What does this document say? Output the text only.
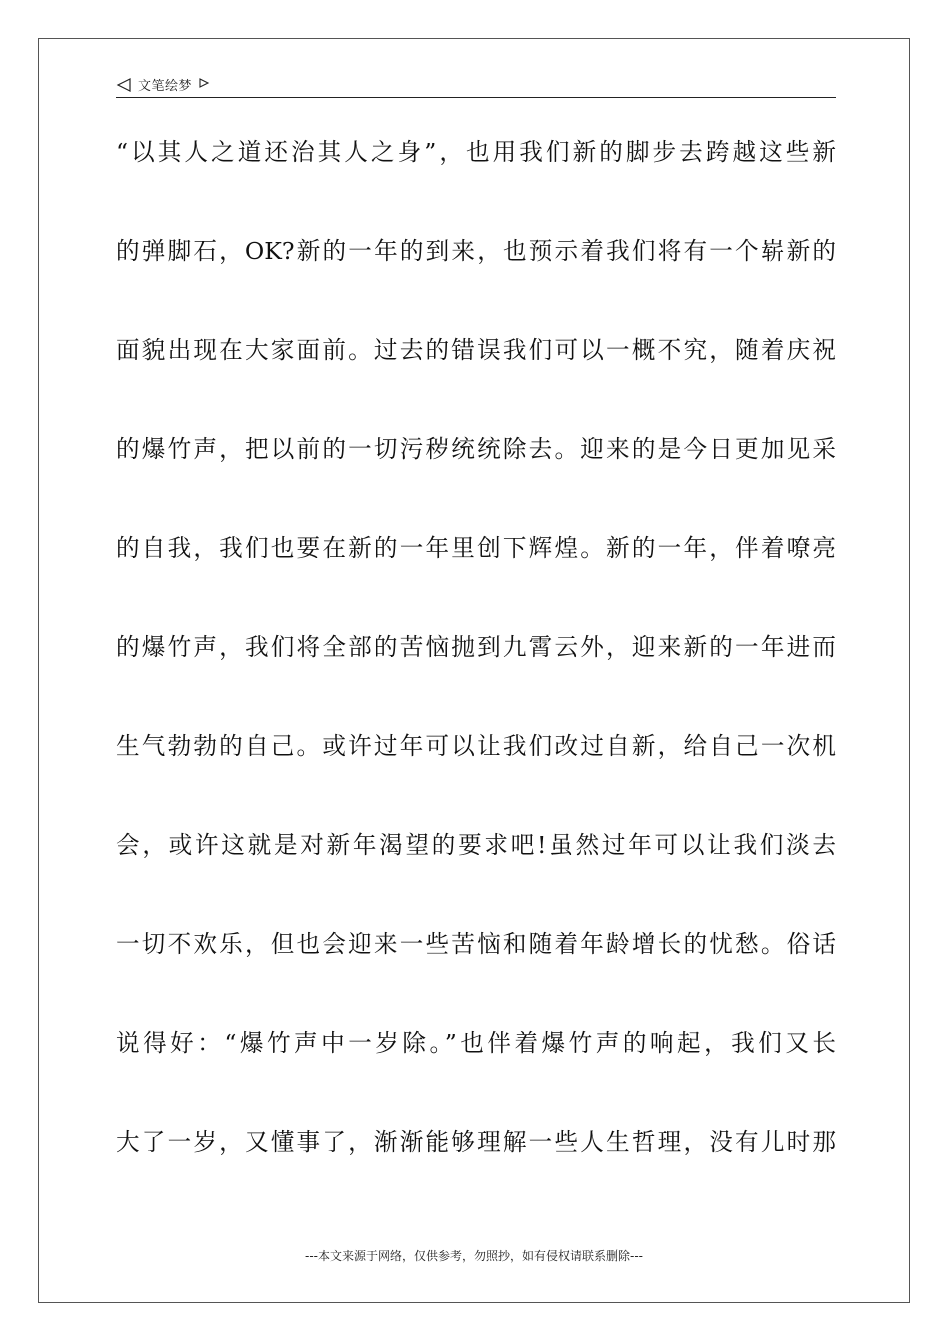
文笔绘梦
“以其人之道还治其人之身”，也用我们新的脚步去跨越这些新
的弹脚石，OK?新的一年的到来，也预示着我们将有一个崭新的
面貌出现在大家面前。过去的错误我们可以一概不究，随着庆祝
的爆竹声，把以前的一切污秽统统除去。迎来的是今日更加见采
的自我，我们也要在新的一年里创下辉煌。新的一年，伴着嘹亮
的爆竹声，我们将全部的苦恼抛到九霄云外，迎来新的一年进而
生气勃勃的自己。或许过年可以让我们改过自新，给自己一次机
会，或许这就是对新年渴望的要求吧!虽然过年可以让我们淡去
一切不欢乐，但也会迎来一些苦恼和随着年龄增长的忧愁。俗话
说得好：“爆竹声中一岁除。”也伴着爆竹声的响起，我们又长
大了一岁，又懂事了，渐渐能够理解一些人生哲理，没有儿时那
---本文来源于网络，仅供参考，勿照抄，如有侵权请联系删除---
